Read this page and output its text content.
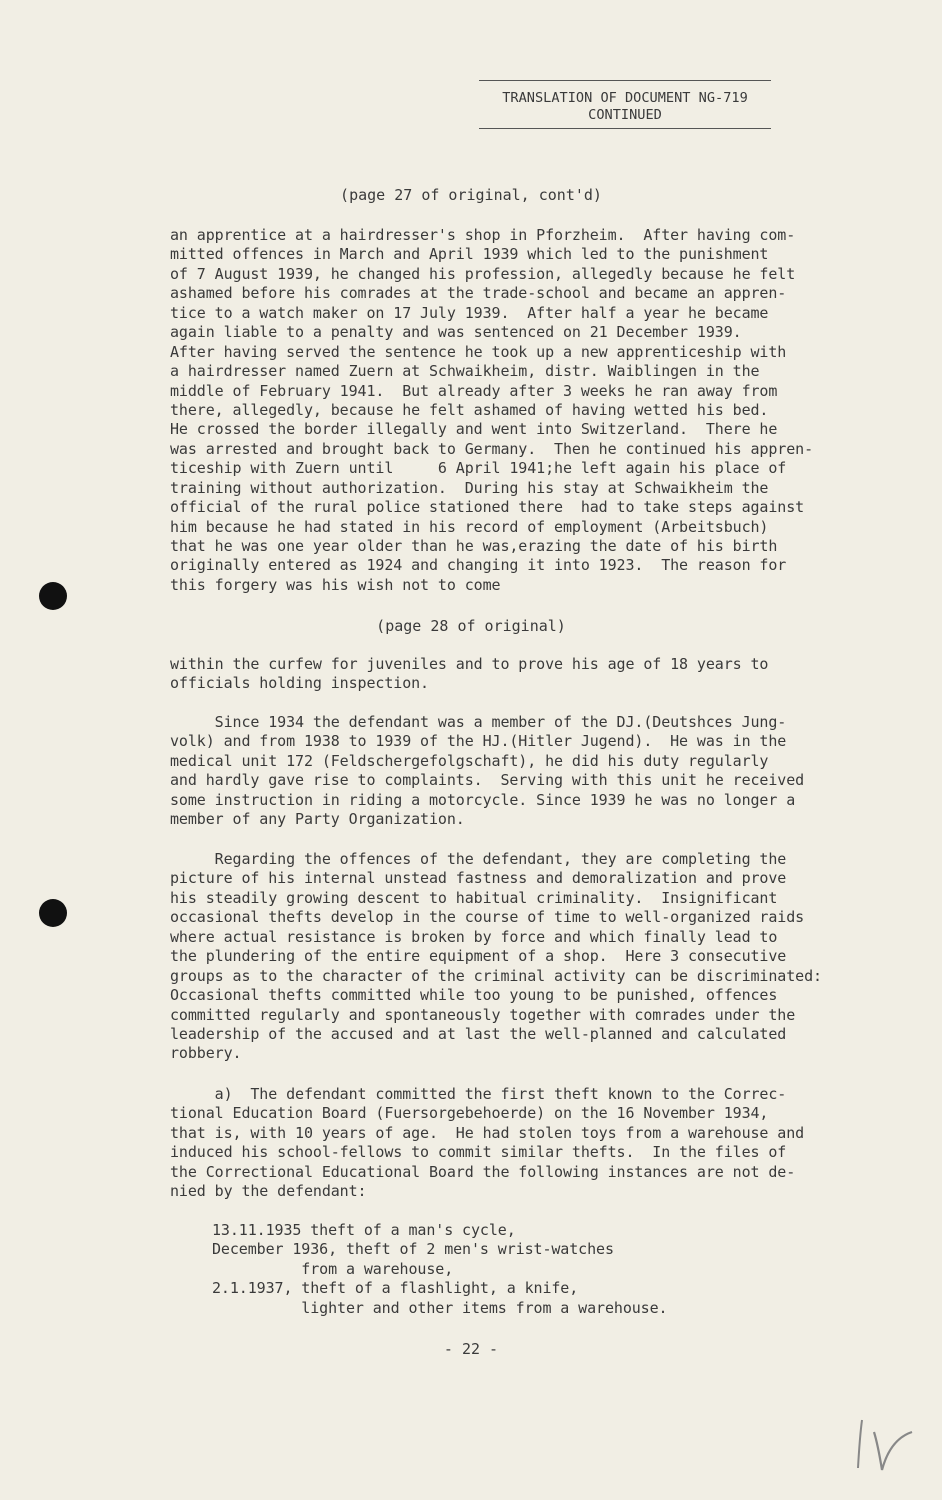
TRANSLATION OF DOCUMENT NG-719
CONTINUED
(page 27 of original, cont'd)
an apprentice at a hairdresser's shop in Pforzheim.  After having com-
mitted offences in March and April 1939 which led to the punishment
of 7 August 1939, he changed his profession, allegedly because he felt
ashamed before his comrades at the trade-school and became an appren-
tice to a watch maker on 17 July 1939.  After half a year he became
again liable to a penalty and was sentenced on 21 December 1939.
After having served the sentence he took up a new apprenticeship with
a hairdresser named Zuern at Schwaikheim, distr. Waiblingen in the
middle of February 1941.  But already after 3 weeks he ran away from
there, allegedly, because he felt ashamed of having wetted his bed.
He crossed the border illegally and went into Switzerland.  There he
was arrested and brought back to Germany.  Then he continued his appren-
ticeship with Zuern until     6 April 1941;he left again his place of
training without authorization.  During his stay at Schwaikheim the
official of the rural police stationed there  had to take steps against
him because he had stated in his record of employment (Arbeitsbuch)
that he was one year older than he was,erazing the date of his birth
originally entered as 1924 and changing it into 1923.  The reason for
this forgery was his wish not to come
(page 28 of original)
within the curfew for juveniles and to prove his age of 18 years to
officials holding inspection.
Since 1934 the defendant was a member of the DJ.(Deutshces Jung-
volk) and from 1938 to 1939 of the HJ.(Hitler Jugend).  He was in the
medical unit 172 (Feldschergefolgschaft), he did his duty regularly
and hardly gave rise to complaints.  Serving with this unit he received
some instruction in riding a motorcycle. Since 1939 he was no longer a
member of any Party Organization.
Regarding the offences of the defendant, they are completing the
picture of his internal unstead fastness and demoralization and prove
his steadily growing descent to habitual criminality.  Insignificant
occasional thefts develop in the course of time to well-organized raids
where actual resistance is broken by force and which finally lead to
the plundering of the entire equipment of a shop.  Here 3 consecutive
groups as to the character of the criminal activity can be discriminated:
Occasional thefts committed while too young to be punished, offences
committed regularly and spontaneously together with comrades under the
leadership of the accused and at last the well-planned and calculated
robbery.
a)  The defendant committed the first theft known to the Correc-
tional Education Board (Fuersorgebehoerde) on the 16 November 1934,
that is, with 10 years of age.  He had stolen toys from a warehouse and
induced his school-fellows to commit similar thefts.  In the files of
the Correctional Educational Board the following instances are not de-
nied by the defendant:
13.11.1935 theft of a man's cycle,
December 1936, theft of 2 men's wrist-watches
from a warehouse,
2.1.1937, theft of a flashlight, a knife,
lighter and other items from a warehouse.
- 22 -
